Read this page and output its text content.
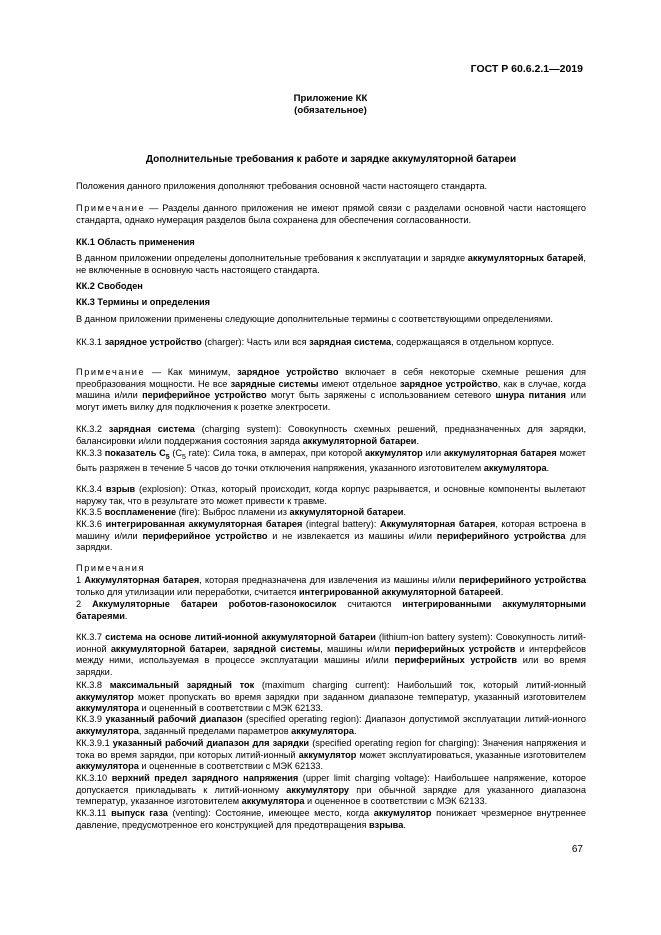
ГОСТ Р 60.6.2.1—2019
Приложение КК
(обязательное)
Дополнительные требования к работе и зарядке аккумуляторной батареи

Положения данного приложения дополняют требования основной части настоящего стандарта.

Примечание — Разделы данного приложения не имеют прямой связи с разделами основной части настоящего стандарта, однако нумерация разделов была сохранена для обеспечения согласованности.

КК.1 Область применения

В данном приложении определены дополнительные требования к эксплуатации и зарядке аккумуляторных батарей, не включенные в основную часть настоящего стандарта.

КК.2 Свободен
КК.3 Термины и определения
В данном приложении применены следующие дополнительные термины с соответствующими определениями.
КК.3.1 зарядное устройство (charger): Часть или вся зарядная система, содержащаяся в отдельном корпусе.
Примечание — Как минимум, зарядное устройство включает в себя некоторые схемные решения для преобразования мощности. Не все зарядные системы имеют отдельное зарядное устройство, как в случае, когда машина и/или периферийное устройство могут быть заряжены с использованием сетевого шнура питания или могут иметь вилку для подключения к розетке электросети.
КК.3.2 зарядная система (charging system): Совокупность схемных решений, предназначенных для зарядки, балансировки и/или поддержания состояния заряда аккумуляторной батареи.
КК.3.3 показатель $C_5$ ($C_5$ rate): Сила тока, в амперах, при которой аккумулятор или аккумуляторная батарея может быть разряжен в течение 5 часов до точки отключения напряжения, указанного изготовителем аккумулятора.
КК.3.4 взрыв (explosion): Отказ, который происходит, когда корпус разрывается, и основные компоненты вылетают наружу так, что в результате это может привести к травме.
КК.3.5 воспламенение (fire): Выброс пламени из аккумуляторной батареи.
КК.3.6 интегрированная аккумуляторная батарея (integral battery): Аккумуляторная батарея, которая встроена в машину и/или периферийное устройство и не извлекается из машины и/или периферийного устройства для зарядки.
Примечания
1 Аккумуляторная батарея, которая предназначена для извлечения из машины и/или периферийного устройства только для утилизации или переработки, считается интегрированной аккумуляторной батареей.
2 Аккумуляторные батареи роботов-газонокосилок считаются интегрированными аккумуляторными батареями.
КК.3.7 система на основе литий-ионной аккумуляторной батареи (lithium-ion battery system): Совокупность литий-ионной аккумуляторной батареи, зарядной системы, машины и/или периферийных устройств и интерфейсов между ними, используемая в процессе эксплуатации машины и/или периферийных устройств или во время зарядки.
КК.3.8 максимальный зарядный ток (maximum charging current): Наибольший ток, который литий-ионный аккумулятор может пропускать во время зарядки при заданном диапазоне температур, указанный изготовителем аккумулятора и оцененный в соответствии с МЭК 62133.
КК.3.9 указанный рабочий диапазон (specified operating region): Диапазон допустимой эксплуатации литий-ионного аккумулятора, заданный пределами параметров аккумулятора.
КК.3.9.1 указанный рабочий диапазон для зарядки (specified operating region for charging): Значения напряжения и тока во время зарядки, при которых литий-ионный аккумулятор может эксплуатироваться, указанные изготовителем аккумулятора и оцененные в соответствии с МЭК 62133.
КК.3.10 верхний предел зарядного напряжения (upper limit charging voltage): Наибольшее напряжение, которое допускается прикладывать к литий-ионному аккумулятору при обычной зарядке для указанного диапазона температур, указанное изготовителем аккумулятора и оцененное в соответствии с МЭК 62133.
КК.3.11 выпуск газа (venting): Состояние, имеющее место, когда аккумулятор понижает чрезмерное внутреннее давление, предусмотренное его конструкцией для предотвращения взрыва.
67
